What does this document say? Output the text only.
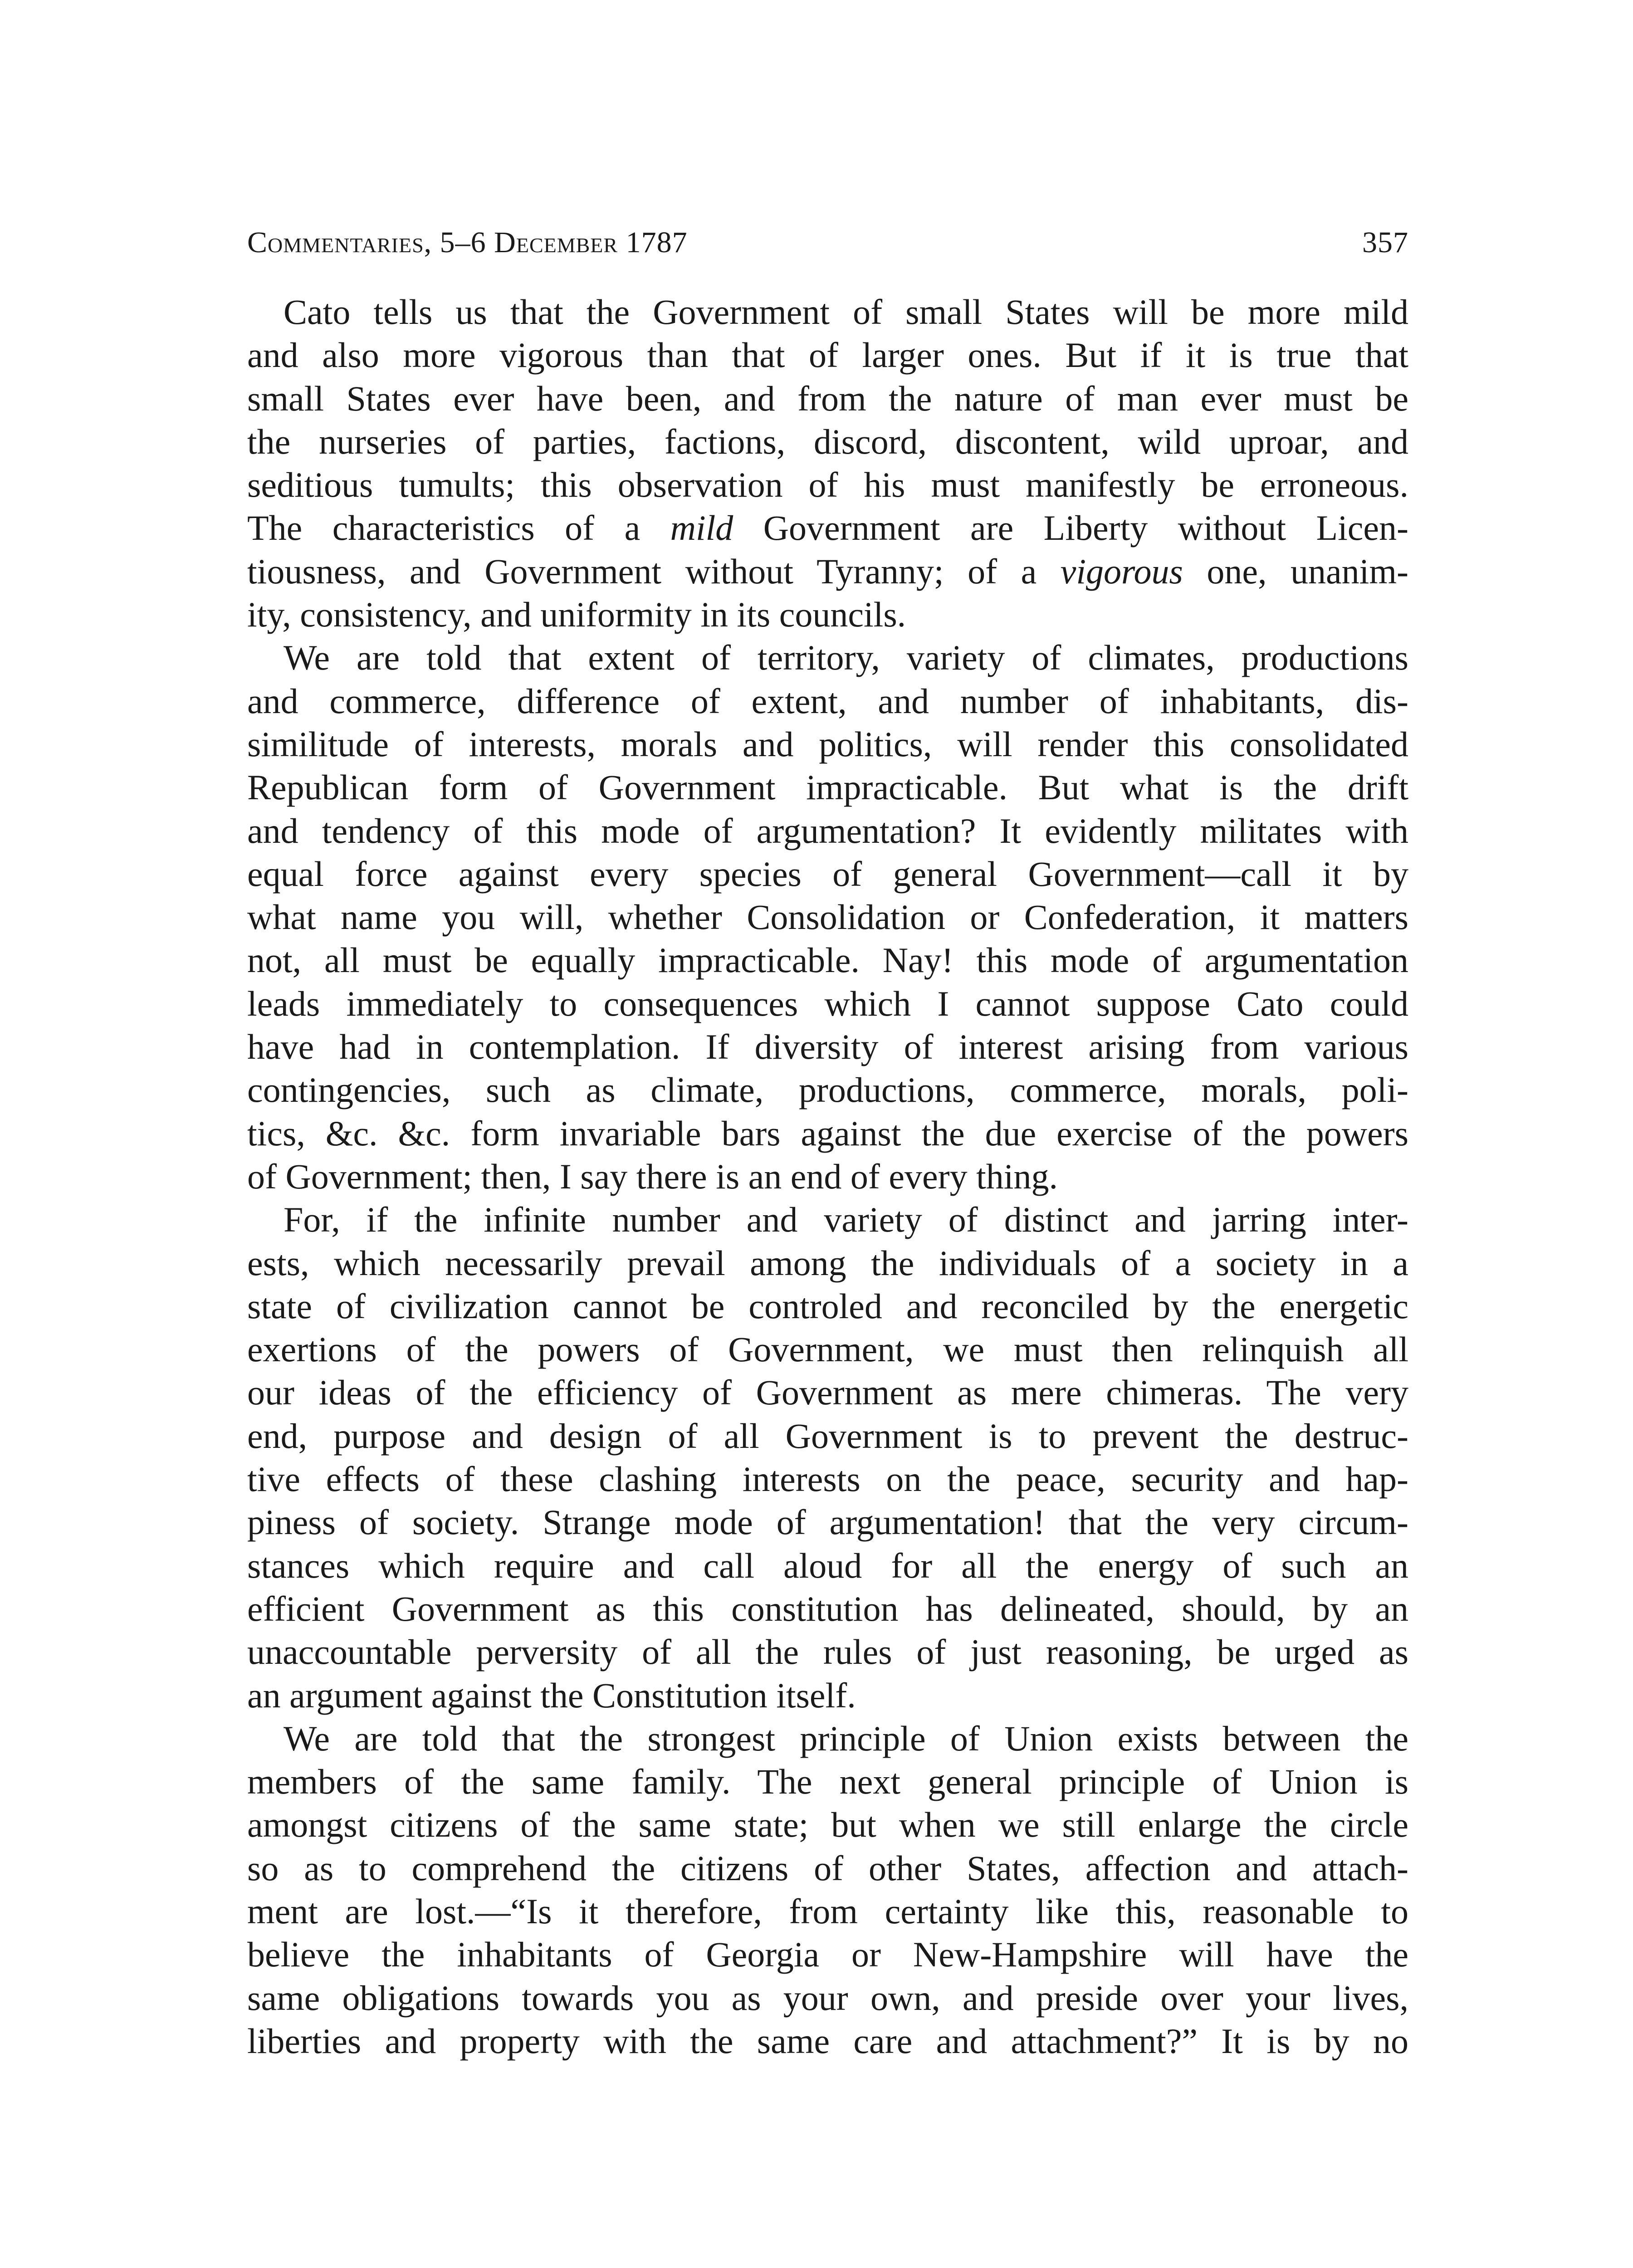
Commentaries, 5–6 December 1787	357
Cato tells us that the Government of small States will be more mild
and also more vigorous than that of larger ones. But if it is true that
small States ever have been, and from the nature of man ever must be
the nurseries of parties, factions, discord, discontent, wild uproar, and
seditious tumults; this observation of his must manifestly be erroneous.
The characteristics of a mild Government are Liberty without Licen-
tiousness, and Government without Tyranny; of a vigorous one, unanim-
ity, consistency, and uniformity in its councils.
We are told that extent of territory, variety of climates, productions
and commerce, difference of extent, and number of inhabitants, dis-
similitude of interests, morals and politics, will render this consolidated
Republican form of Government impracticable. But what is the drift
and tendency of this mode of argumentation? It evidently militates with
equal force against every species of general Government—call it by
what name you will, whether Consolidation or Confederation, it matters
not, all must be equally impracticable. Nay! this mode of argumentation
leads immediately to consequences which I cannot suppose Cato could
have had in contemplation. If diversity of interest arising from various
contingencies, such as climate, productions, commerce, morals, poli-
tics, &c. &c. form invariable bars against the due exercise of the powers
of Government; then, I say there is an end of every thing.
For, if the infinite number and variety of distinct and jarring inter-
ests, which necessarily prevail among the individuals of a society in a
state of civilization cannot be controled and reconciled by the energetic
exertions of the powers of Government, we must then relinquish all
our ideas of the efficiency of Government as mere chimeras. The very
end, purpose and design of all Government is to prevent the destruc-
tive effects of these clashing interests on the peace, security and hap-
piness of society. Strange mode of argumentation! that the very circum-
stances which require and call aloud for all the energy of such an
efficient Government as this constitution has delineated, should, by an
unaccountable perversity of all the rules of just reasoning, be urged as
an argument against the Constitution itself.
We are told that the strongest principle of Union exists between the
members of the same family. The next general principle of Union is
amongst citizens of the same state; but when we still enlarge the circle
so as to comprehend the citizens of other States, affection and attach-
ment are lost.—“Is it therefore, from certainty like this, reasonable to
believe the inhabitants of Georgia or New-Hampshire will have the
same obligations towards you as your own, and preside over your lives,
liberties and property with the same care and attachment?” It is by no
